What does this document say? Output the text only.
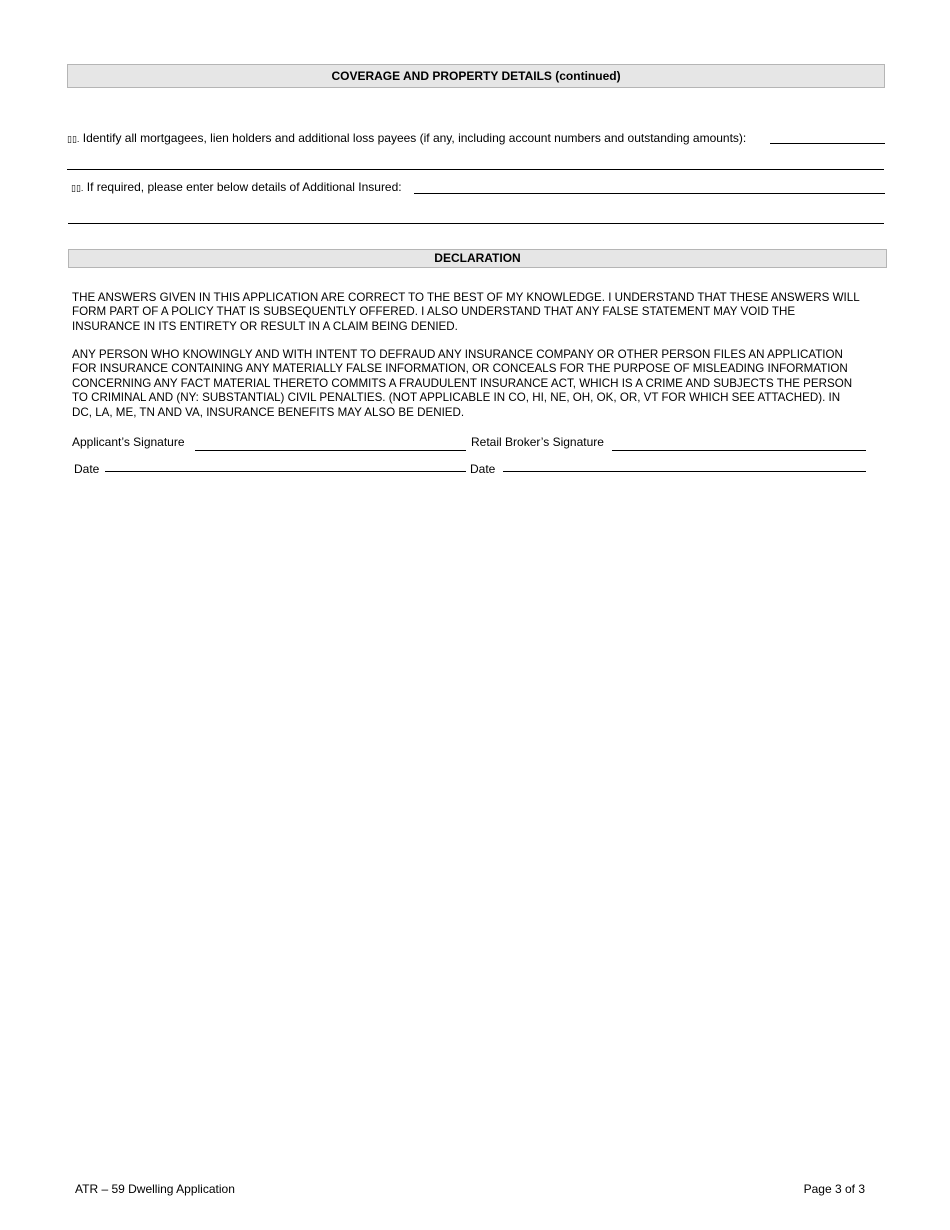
COVERAGE AND PROPERTY DETAILS (continued)
▯▯. Identify all mortgagees, lien holders and additional loss payees (if any, including account numbers and outstanding amounts):
▯▯. If required, please enter below details of Additional Insured:
DECLARATION

THE ANSWERS GIVEN IN THIS APPLICATION ARE CORRECT TO THE BEST OF MY KNOWLEDGE. I UNDERSTAND THAT THESE ANSWERS WILL FORM PART OF A POLICY THAT IS SUBSEQUENTLY OFFERED. I ALSO UNDERSTAND THAT ANY FALSE STATEMENT MAY VOID THE INSURANCE IN ITS ENTIRETY OR RESULT IN A CLAIM BEING DENIED.

ANY PERSON WHO KNOWINGLY AND WITH INTENT TO DEFRAUD ANY INSURANCE COMPANY OR OTHER PERSON FILES AN APPLICATION FOR INSURANCE CONTAINING ANY MATERIALLY FALSE INFORMATION, OR CONCEALS FOR THE PURPOSE OF MISLEADING INFORMATION CONCERNING ANY FACT MATERIAL THERETO COMMITS A FRAUDULENT INSURANCE ACT, WHICH IS A CRIME AND SUBJECTS THE PERSON TO CRIMINAL AND (NY: SUBSTANTIAL) CIVIL PENALTIES. (NOT APPLICABLE IN CO, HI, NE, OH, OK, OR, VT FOR WHICH SEE ATTACHED). IN DC, LA, ME, TN AND VA, INSURANCE BENEFITS MAY ALSO BE DENIED.

Applicant’s Signature	Retail Broker’s Signature
Date	Date
ATR – 59 Dwelling Application	Page 3 of 3
